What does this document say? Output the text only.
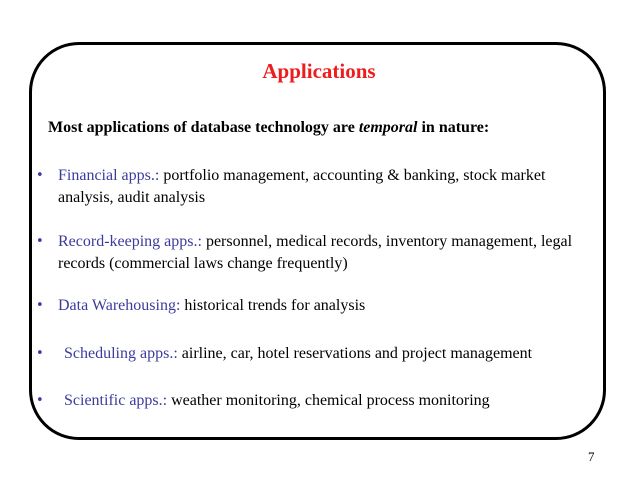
Applications
Most applications of database technology are temporal in nature:
• Financial apps.: portfolio management, accounting & banking, stock market analysis, audit analysis
• Record-keeping apps.: personnel, medical records, inventory management, legal records (commercial laws change frequently)
• Data Warehousing: historical trends for analysis
• Scheduling apps.: airline, car, hotel reservations and project management
• Scientific apps.: weather monitoring, chemical process monitoring
7
